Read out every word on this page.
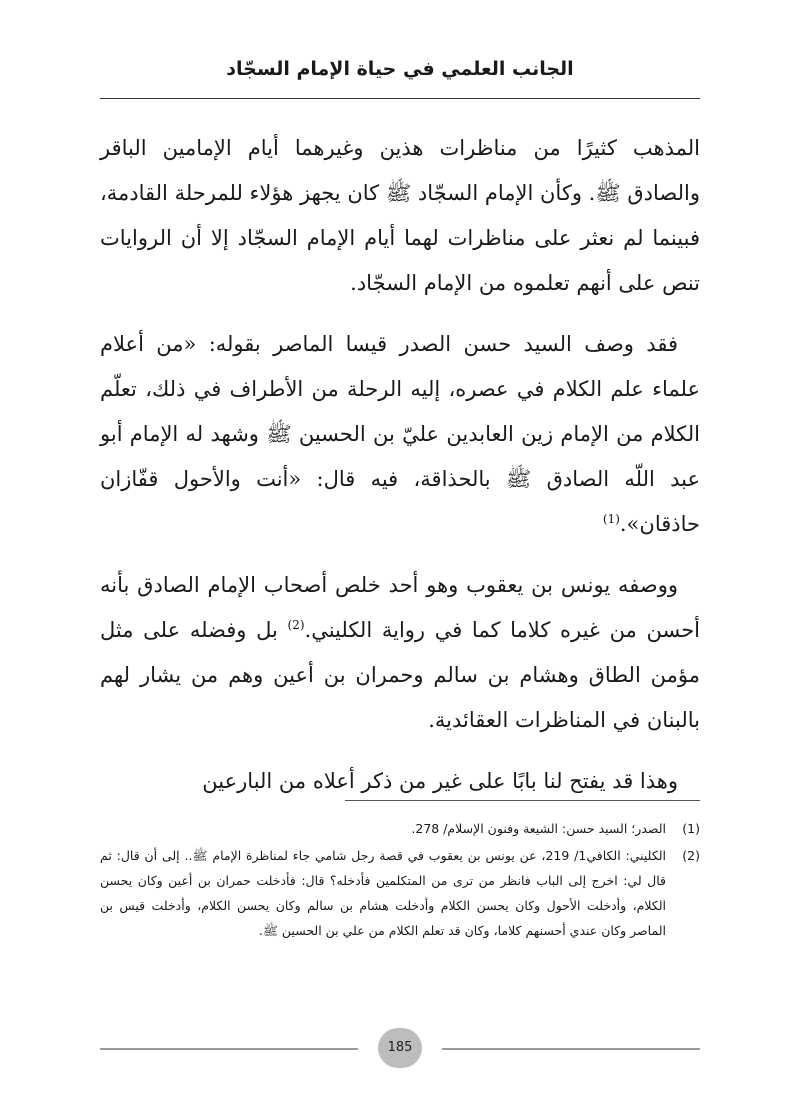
الجانب العلمي في حياة الإمام السجّاد

المذهب كثيرًا من مناظرات هذين وغيرهما أيام الإمامين الباقر والصادق ﷺ. وكأن الإمام السجّاد ﷺ كان يجهز هؤلاء للمرحلة القادمة، فبينما لم نعثر على مناظرات لهما أيام الإمام السجّاد إلا أن الروايات تنص على أنهم تعلموه من الإمام السجّاد.

فقد وصف السيد حسن الصدر قيسا الماصر بقوله: «من أعلام علماء علم الكلام في عصره، إليه الرحلة من الأطراف في ذلك، تعلّم الكلام من الإمام زين العابدين عليّ بن الحسين ﷺ وشهد له الإمام أبو عبد اللّه الصادق ﷺ بالحذاقة، فيه قال: «أنت والأحول قفّازان حاذقان».$^{(1)}$

ووصفه يونس بن يعقوب وهو أحد خلص أصحاب الإمام الصادق بأنه أحسن من غيره كلاما كما في رواية الكليني.$^{(2)}$ بل وفضله على مثل مؤمن الطاق وهشام بن سالم وحمران بن أعين وهم من يشار لهم بالبنان في المناظرات العقائدية.

وهذا قد يفتح لنا بابًا على غير من ذكر أعلاه من البارعين

(1)
الصدر؛ السيد حسن: الشيعة وفنون الإسلام/ 278.
(2)
الكليني: الكافي1/ 219، عن يونس بن يعقوب في قصة رجل شامي جاء لمناظرة الإمام ﷺ.. إلى أن قال: ثم قال لي: اخرج إلى الباب فانظر من ترى من المتكلمين فأدخله؟ قال: فأدخلت حمران بن أعين وكان يحسن الكلام، وأدخلت الأحول وكان يحسن الكلام وأدخلت هشام بن سالم وكان يحسن الكلام، وأدخلت قيس بن الماصر وكان عندي أحسنهم كلاما، وكان قد تعلم الكلام من علي بن الحسين ﷺ.
185
